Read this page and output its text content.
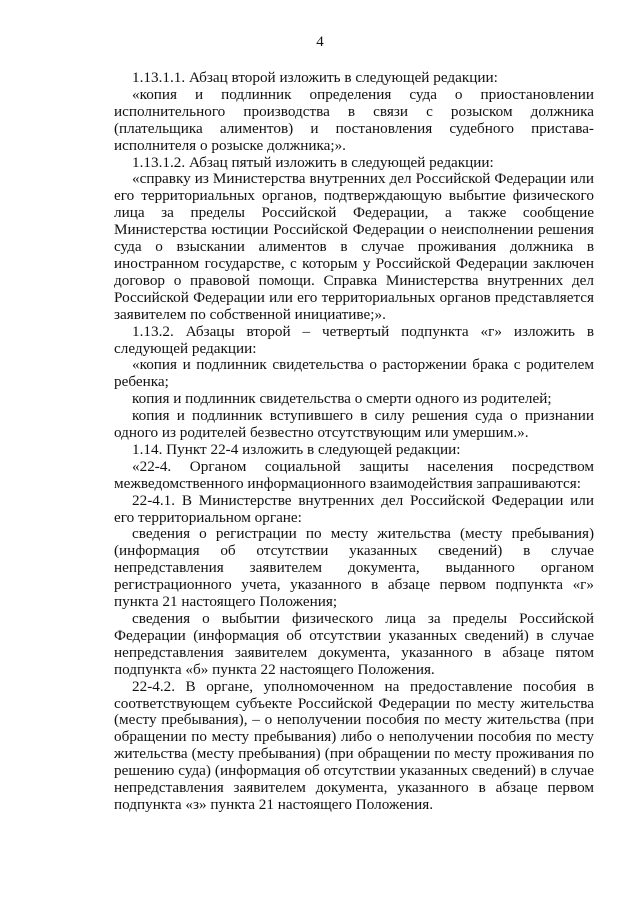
4

1.13.1.1. Абзац второй изложить в следующей редакции:

«копия и подлинник определения суда о приостановлении исполнительного производства в связи с розыском должника (плательщика алиментов) и постановления судебного пристава-исполнителя о розыске должника;».

1.13.1.2. Абзац пятый изложить в следующей редакции:

«справку из Министерства внутренних дел Российской Федерации или его территориальных органов, подтверждающую выбытие физического лица за пределы Российской Федерации, а также сообщение Министерства юстиции Российской Федерации о неисполнении решения суда о взыскании алиментов в случае проживания должника в иностранном государстве, с которым у Российской Федерации заключен договор о правовой помощи. Справка Министерства внутренних дел Российской Федерации или его территориальных органов представляется заявителем по собственной инициативе;».

1.13.2. Абзацы второй – четвертый подпункта «г» изложить в следующей редакции:

«копия и подлинник свидетельства о расторжении брака с родителем ребенка;

копия и подлинник свидетельства о смерти одного из родителей;

копия и подлинник вступившего в силу решения суда о признании одного из родителей безвестно отсутствующим или умершим.».

1.14. Пункт 22-4 изложить в следующей редакции:

«22-4. Органом социальной защиты населения посредством межведомственного информационного взаимодействия запрашиваются:

22-4.1. В Министерстве внутренних дел Российской Федерации или его территориальном органе:

сведения о регистрации по месту жительства (месту пребывания) (информация об отсутствии указанных сведений) в случае непредставления заявителем документа, выданного органом регистрационного учета, указанного в абзаце первом подпункта «г» пункта 21 настоящего Положения;

сведения о выбытии физического лица за пределы Российской Федерации (информация об отсутствии указанных сведений) в случае непредставления заявителем документа, указанного в абзаце пятом подпункта «б» пункта 22 настоящего Положения.

22-4.2. В органе, уполномоченном на предоставление пособия в соответствующем субъекте Российской Федерации по месту жительства (месту пребывания), – о неполучении пособия по месту жительства (при обращении по месту пребывания) либо о неполучении пособия по месту жительства (месту пребывания) (при обращении по месту проживания по решению суда) (информация об отсутствии указанных сведений) в случае непредставления заявителем документа, указанного в абзаце первом подпункта «з» пункта 21 настоящего Положения.
